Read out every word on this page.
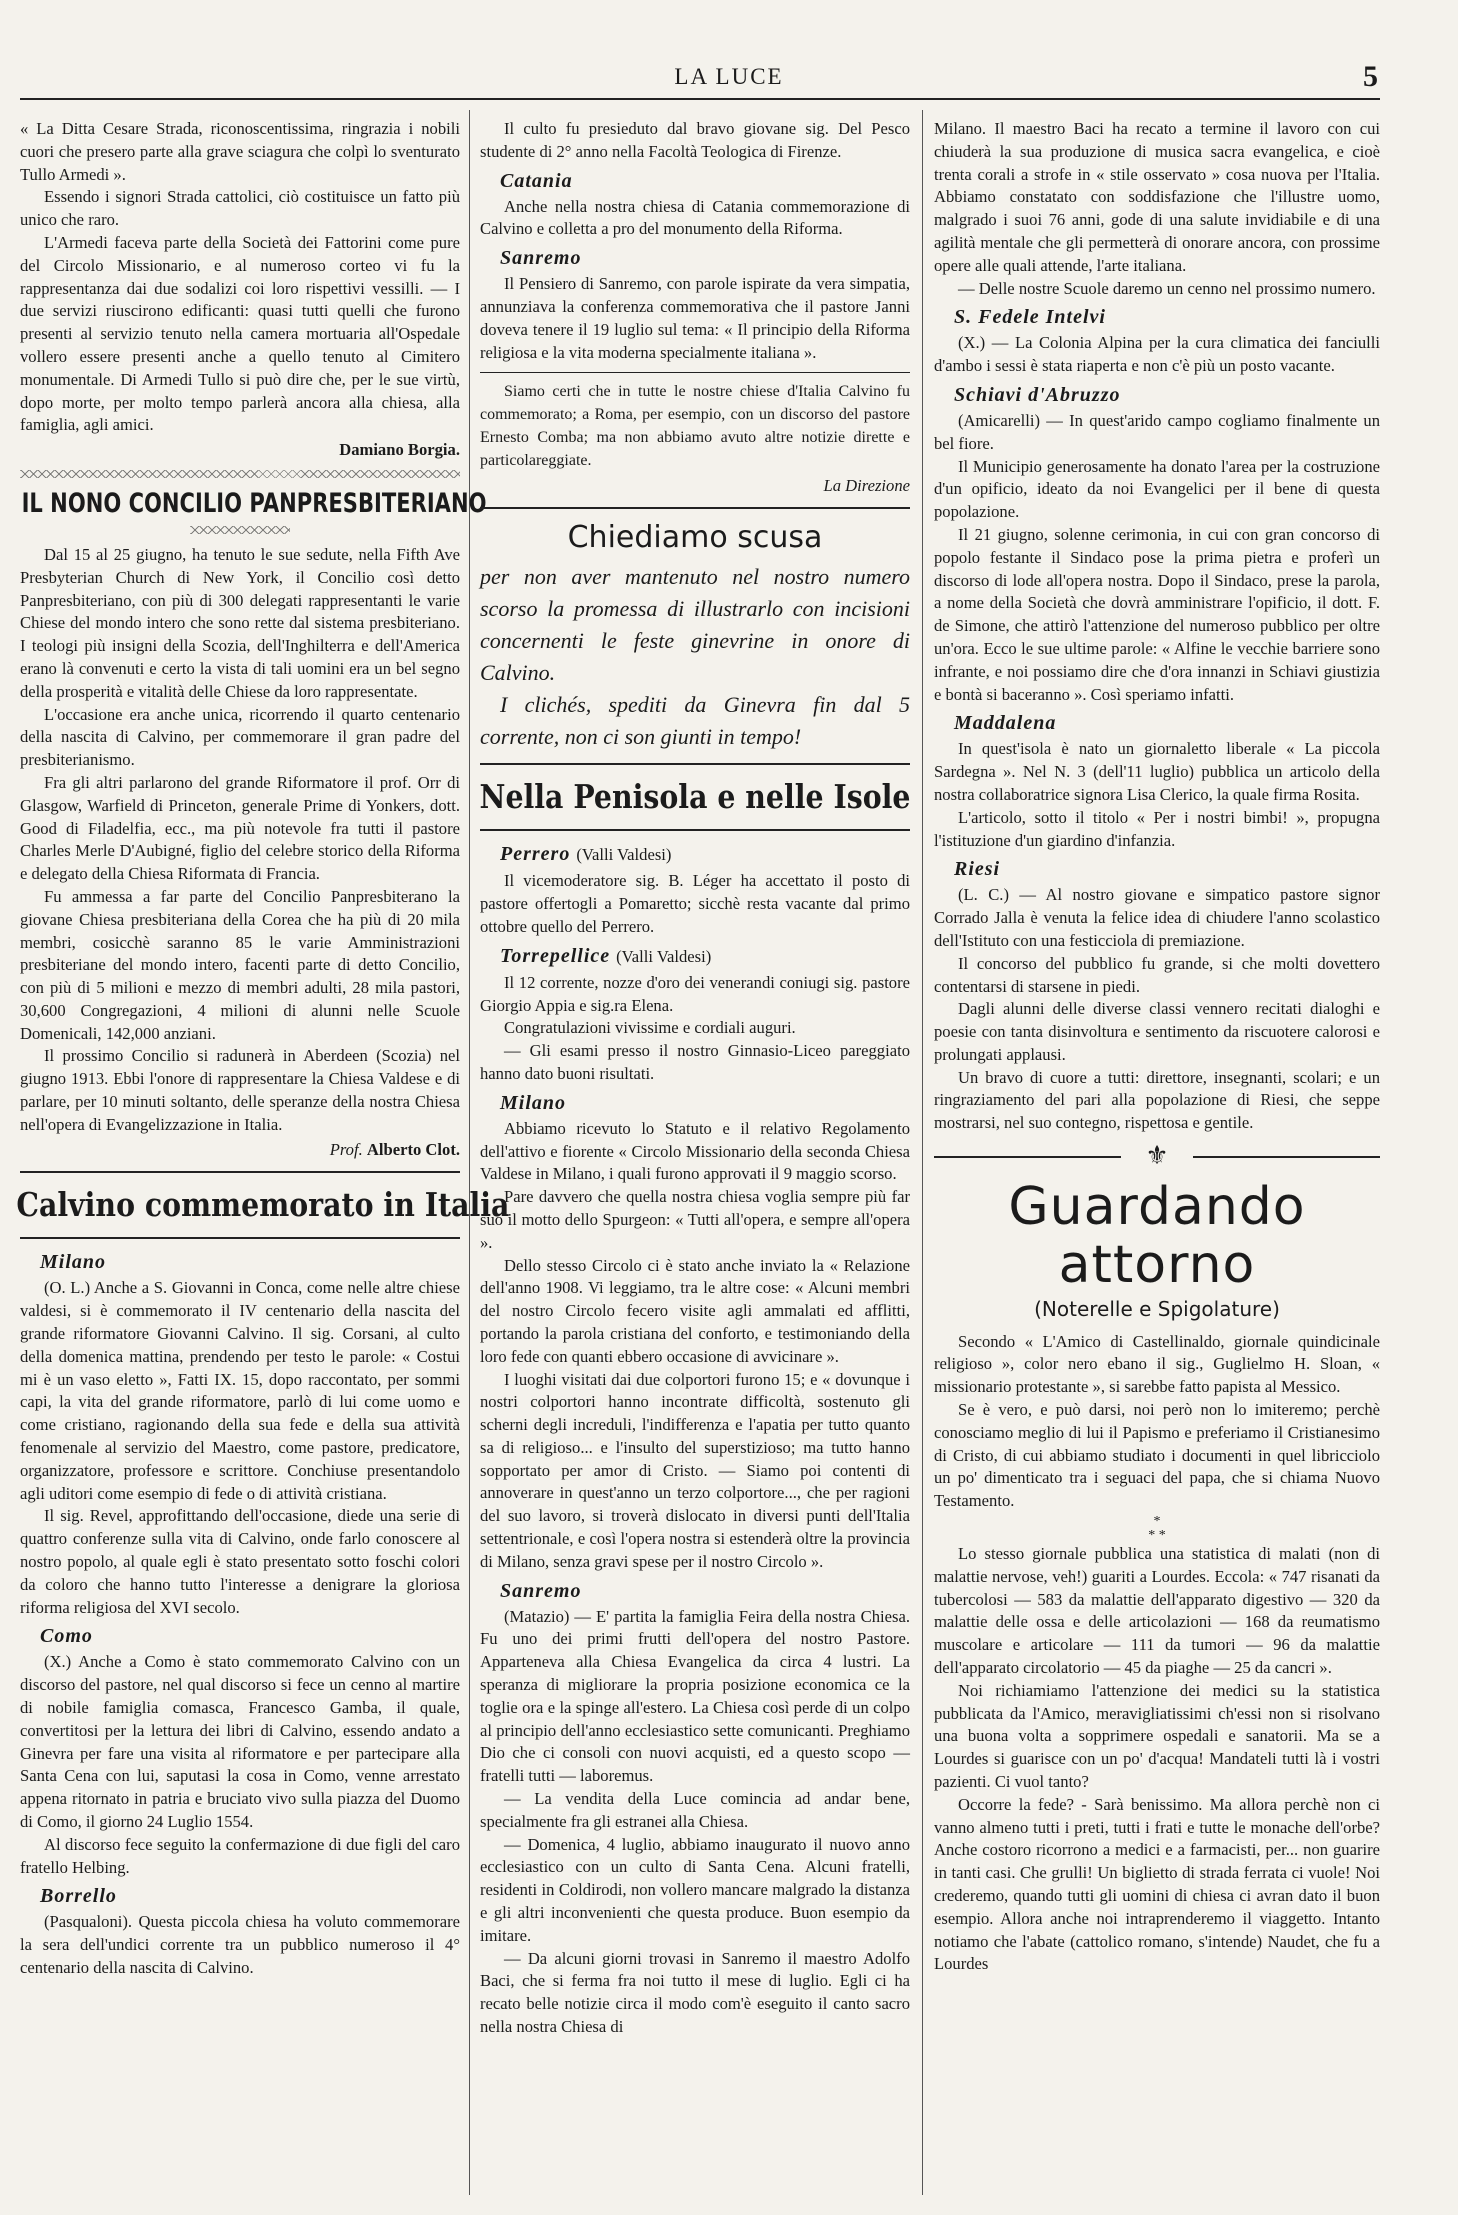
LA LUCE	5

« La Ditta Cesare Strada, riconoscentissima, ringrazia i nobili cuori che presero parte alla grave sciagura che colpì lo sventurato Tullo Armedi ».

Essendo i signori Strada cattolici, ciò costituisce un fatto più unico che raro.

L'Armedi faceva parte della Società dei Fattorini come pure del Circolo Missionario, e al numeroso corteo vi fu la rappresentanza dai due sodalizi coi loro rispettivi vessilli. — I due servizi riuscirono edificanti: quasi tutti quelli che furono presenti al servizio tenuto nella camera mortuaria all'Ospedale vollero essere presenti anche a quello tenuto al Cimitero monumentale. Di Armedi Tullo si può dire che, per le sue virtù, dopo morte, per molto tempo parlerà ancora alla chiesa, alla famiglia, agli amici.

Damiano Borgia.
IL NONO CONCILIO PANPRESBITERIANO

Dal 15 al 25 giugno, ha tenuto le sue sedute, nella Fifth Ave Presbyterian Church di New York, il Concilio così detto Panpresbiteriano, con più di 300 delegati rappresentanti le varie Chiese del mondo intero che sono rette dal sistema presbiteriano. I teologi più insigni della Scozia, dell'Inghilterra e dell'America erano là convenuti e certo la vista di tali uomini era un bel segno della prosperità e vitalità delle Chiese da loro rappresentate.

L'occasione era anche unica, ricorrendo il quarto centenario della nascita di Calvino, per commemorare il gran padre del presbiterianismo.

Fra gli altri parlarono del grande Riformatore il prof. Orr di Glasgow, Warfield di Princeton, generale Prime di Yonkers, dott. Good di Filadelfia, ecc., ma più notevole fra tutti il pastore Charles Merle D'Aubigné, figlio del celebre storico della Riforma e delegato della Chiesa Riformata di Francia.

Fu ammessa a far parte del Concilio Panpresbiterano la giovane Chiesa presbiteriana della Corea che ha più di 20 mila membri, cosicchè saranno 85 le varie Amministrazioni presbiteriane del mondo intero, facenti parte di detto Concilio, con più di 5 milioni e mezzo di membri adulti, 28 mila pastori, 30,600 Congregazioni, 4 milioni di alunni nelle Scuole Domenicali, 142,000 anziani.

Il prossimo Concilio si radunerà in Aberdeen (Scozia) nel giugno 1913. Ebbi l'onore di rappresentare la Chiesa Valdese e di parlare, per 10 minuti soltanto, delle speranze della nostra Chiesa nell'opera di Evangelizzazione in Italia.

Prof. Alberto Clot.
Calvino commemorato in Italia
Milano

(O. L.) Anche a S. Giovanni in Conca, come nelle altre chiese valdesi, si è commemorato il IV centenario della nascita del grande riformatore Giovanni Calvino. Il sig. Corsani, al culto della domenica mattina, prendendo per testo le parole: « Costui mi è un vaso eletto », Fatti IX. 15, dopo raccontato, per sommi capi, la vita del grande riformatore, parlò di lui come uomo e come cristiano, ragionando della sua fede e della sua attività fenomenale al servizio del Maestro, come pastore, predicatore, organizzatore, professore e scrittore. Conchiuse presentandolo agli uditori come esempio di fede o di attività cristiana.

Il sig. Revel, approfittando dell'occasione, diede una serie di quattro conferenze sulla vita di Calvino, onde farlo conoscere al nostro popolo, al quale egli è stato presentato sotto foschi colori da coloro che hanno tutto l'interesse a denigrare la gloriosa riforma religiosa del XVI secolo.

Como

(X.) Anche a Como è stato commemorato Calvino con un discorso del pastore, nel qual discorso si fece un cenno al martire di nobile famiglia comasca, Francesco Gamba, il quale, convertitosi per la lettura dei libri di Calvino, essendo andato a Ginevra per fare una visita al riformatore e per partecipare alla Santa Cena con lui, saputasi la cosa in Como, venne arrestato appena ritornato in patria e bruciato vivo sulla piazza del Duomo di Como, il giorno 24 Luglio 1554.

Al discorso fece seguito la confermazione di due figli del caro fratello Helbing.

Borrello

(Pasqualoni). Questa piccola chiesa ha voluto commemorare la sera dell'undici corrente tra un pubblico numeroso il 4° centenario della nascita di Calvino.

Il culto fu presieduto dal bravo giovane sig. Del Pesco studente di 2° anno nella Facoltà Teologica di Firenze.

Catania

Anche nella nostra chiesa di Catania commemorazione di Calvino e colletta a pro del monumento della Riforma.

Sanremo

Il Pensiero di Sanremo, con parole ispirate da vera simpatia, annunziava la conferenza commemorativa che il pastore Janni doveva tenere il 19 luglio sul tema: « Il principio della Riforma religiosa e la vita moderna specialmente italiana ».

Siamo certi che in tutte le nostre chiese d'Italia Calvino fu commemorato; a Roma, per esempio, con un discorso del pastore Ernesto Comba; ma non abbiamo avuto altre notizie dirette e particolareggiate.

La Direzione
Chiediamo scusa

per non aver mantenuto nel nostro numero scorso la promessa di illustrarlo con incisioni concernenti le feste ginevrine in onore di Calvino.

I clichés, spediti da Ginevra fin dal 5 corrente, non ci son giunti in tempo!

Nella Penisola e nelle Isole
Perrero (Valli Valdesi)

Il vicemoderatore sig. B. Léger ha accettato il posto di pastore offertogli a Pomaretto; sicchè resta vacante dal primo ottobre quello del Perrero.

Torrepellice (Valli Valdesi)

Il 12 corrente, nozze d'oro dei venerandi coniugi sig. pastore Giorgio Appia e sig.ra Elena.

Congratulazioni vivissime e cordiali auguri.

— Gli esami presso il nostro Ginnasio-Liceo pareggiato hanno dato buoni risultati.

Milano

Abbiamo ricevuto lo Statuto e il relativo Regolamento dell'attivo e fiorente « Circolo Missionario della seconda Chiesa Valdese in Milano, i quali furono approvati il 9 maggio scorso.

Pare davvero che quella nostra chiesa voglia sempre più far suo il motto dello Spurgeon: « Tutti all'opera, e sempre all'opera ».

Dello stesso Circolo ci è stato anche inviato la « Relazione dell'anno 1908. Vi leggiamo, tra le altre cose: « Alcuni membri del nostro Circolo fecero visite agli ammalati ed afflitti, portando la parola cristiana del conforto, e testimoniando della loro fede con quanti ebbero occasione di avvicinare ».

I luoghi visitati dai due colportori furono 15; e « dovunque i nostri colportori hanno incontrate difficoltà, sostenuto gli scherni degli increduli, l'indifferenza e l'apatia per tutto quanto sa di religioso... e l'insulto del superstizioso; ma tutto hanno sopportato per amor di Cristo. — Siamo poi contenti di annoverare in quest'anno un terzo colportore..., che per ragioni del suo lavoro, si troverà dislocato in diversi punti dell'Italia settentrionale, e così l'opera nostra si estenderà oltre la provincia di Milano, senza gravi spese per il nostro Circolo ».

Sanremo

(Matazio) — E' partita la famiglia Feira della nostra Chiesa. Fu uno dei primi frutti dell'opera del nostro Pastore. Apparteneva alla Chiesa Evangelica da circa 4 lustri. La speranza di migliorare la propria posizione economica ce la toglie ora e la spinge all'estero. La Chiesa così perde di un colpo al principio dell'anno ecclesiastico sette comunicanti. Preghiamo Dio che ci consoli con nuovi acquisti, ed a questo scopo — fratelli tutti — laboremus.

— La vendita della Luce comincia ad andar bene, specialmente fra gli estranei alla Chiesa.

— Domenica, 4 luglio, abbiamo inaugurato il nuovo anno ecclesiastico con un culto di Santa Cena. Alcuni fratelli, residenti in Coldirodi, non vollero mancare malgrado la distanza e gli altri inconvenienti che questa produce. Buon esempio da imitare.

— Da alcuni giorni trovasi in Sanremo il maestro Adolfo Baci, che si ferma fra noi tutto il mese di luglio. Egli ci ha recato belle notizie circa il modo com'è eseguito il canto sacro nella nostra Chiesa di

Milano. Il maestro Baci ha recato a termine il lavoro con cui chiuderà la sua produzione di musica sacra evangelica, e cioè trenta corali a strofe in « stile osservato » cosa nuova per l'Italia. Abbiamo constatato con soddisfazione che l'illustre uomo, malgrado i suoi 76 anni, gode di una salute invidiabile e di una agilità mentale che gli permetterà di onorare ancora, con prossime opere alle quali attende, l'arte italiana.

— Delle nostre Scuole daremo un cenno nel prossimo numero.

S. Fedele Intelvi

(X.) — La Colonia Alpina per la cura climatica dei fanciulli d'ambo i sessi è stata riaperta e non c'è più un posto vacante.

Schiavi d'Abruzzo

(Amicarelli) — In quest'arido campo cogliamo finalmente un bel fiore.

Il Municipio generosamente ha donato l'area per la costruzione d'un opificio, ideato da noi Evangelici per il bene di questa popolazione.

Il 21 giugno, solenne cerimonia, in cui con gran concorso di popolo festante il Sindaco pose la prima pietra e proferì un discorso di lode all'opera nostra. Dopo il Sindaco, prese la parola, a nome della Società che dovrà amministrare l'opificio, il dott. F. de Simone, che attirò l'attenzione del numeroso pubblico per oltre un'ora. Ecco le sue ultime parole: « Alfine le vecchie barriere sono infrante, e noi possiamo dire che d'ora innanzi in Schiavi giustizia e bontà si baceranno ». Così speriamo infatti.

Maddalena

In quest'isola è nato un giornaletto liberale « La piccola Sardegna ». Nel N. 3 (dell'11 luglio) pubblica un articolo della nostra collaboratrice signora Lisa Clerico, la quale firma Rosita.

L'articolo, sotto il titolo « Per i nostri bimbi! », propugna l'istituzione d'un giardino d'infanzia.

Riesi

(L. C.) — Al nostro giovane e simpatico pastore signor Corrado Jalla è venuta la felice idea di chiudere l'anno scolastico dell'Istituto con una festicciola di premiazione.

Il concorso del pubblico fu grande, si che molti dovettero contentarsi di starsene in piedi.

Dagli alunni delle diverse classi vennero recitati dialoghi e poesie con tanta disinvoltura e sentimento da riscuotere calorosi e prolungati applausi.

Un bravo di cuore a tutti: direttore, insegnanti, scolari; e un ringraziamento del pari alla popolazione di Riesi, che seppe mostrarsi, nel suo contegno, rispettosa e gentile.

⚜
Guardando attorno
(Noterelle e Spigolature)

Secondo « L'Amico di Castellinaldo, giornale quindicinale religioso », color nero ebano il sig., Guglielmo H. Sloan, « missionario protestante », si sarebbe fatto papista al Messico.

Se è vero, e può darsi, noi però non lo imiteremo; perchè conosciamo meglio di lui il Papismo e preferiamo il Cristianesimo di Cristo, di cui abbiamo studiato i documenti in quel libricciolo un po' dimenticato tra i seguaci del papa, che si chiama Nuovo Testamento.

*
* *

Lo stesso giornale pubblica una statistica di malati (non di malattie nervose, veh!) guariti a Lourdes. Eccola: « 747 risanati da tubercolosi — 583 da malattie dell'apparato digestivo — 320 da malattie delle ossa e delle articolazioni — 168 da reumatismo muscolare e articolare — 111 da tumori — 96 da malattie dell'apparato circolatorio — 45 da piaghe — 25 da cancri ».

Noi richiamiamo l'attenzione dei medici su la statistica pubblicata da l'Amico, meravigliatissimi ch'essi non si risolvano una buona volta a sopprimere ospedali e sanatorii. Ma se a Lourdes si guarisce con un po' d'acqua! Mandateli tutti là i vostri pazienti. Ci vuol tanto?

Occorre la fede? - Sarà benissimo. Ma allora perchè non ci vanno almeno tutti i preti, tutti i frati e tutte le monache dell'orbe? Anche costoro ricorrono a medici e a farmacisti, per... non guarire in tanti casi. Che grulli! Un biglietto di strada ferrata ci vuole! Noi crederemo, quando tutti gli uomini di chiesa ci avran dato il buon esempio. Allora anche noi intraprenderemo il viaggetto. Intanto notiamo che l'abate (cattolico romano, s'intende) Naudet, che fu a Lourdes
